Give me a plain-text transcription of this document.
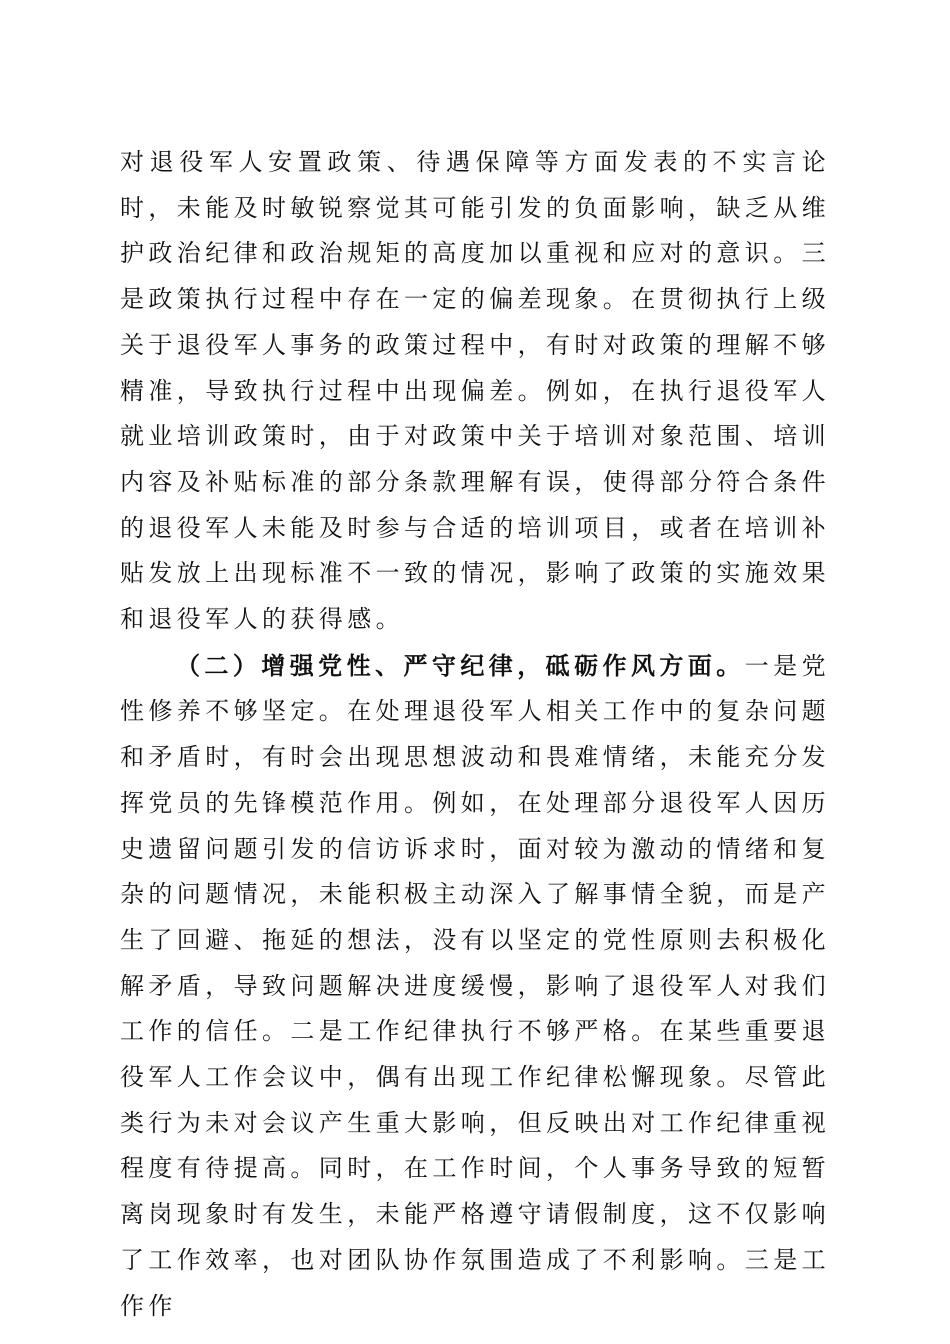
对退役军人安置政策、待遇保障等方面发表的不实言论时，未能及时敏锐察觉其可能引发的负面影响，缺乏从维护政治纪律和政治规矩的高度加以重视和应对的意识。三是政策执行过程中存在一定的偏差现象。在贯彻执行上级关于退役军人事务的政策过程中，有时对政策的理解不够精准，导致执行过程中出现偏差。例如，在执行退役军人就业培训政策时，由于对政策中关于培训对象范围、培训内容及补贴标准的部分条款理解有误，使得部分符合条件的退役军人未能及时参与合适的培训项目，或者在培训补贴发放上出现标准不一致的情况，影响了政策的实施效果和退役军人的获得感。

（二）增强党性、严守纪律，砥砺作风方面。一是党性修养不够坚定。在处理退役军人相关工作中的复杂问题和矛盾时，有时会出现思想波动和畏难情绪，未能充分发挥党员的先锋模范作用。例如，在处理部分退役军人因历史遗留问题引发的信访诉求时，面对较为激动的情绪和复杂的问题情况，未能积极主动深入了解事情全貌，而是产生了回避、拖延的想法，没有以坚定的党性原则去积极化解矛盾，导致问题解决进度缓慢，影响了退役军人对我们工作的信任。二是工作纪律执行不够严格。在某些重要退役军人工作会议中，偶有出现工作纪律松懈现象。尽管此类行为未对会议产生重大影响，但反映出对工作纪律重视程度有待提高。同时，在工作时间，个人事务导致的短暂离岗现象时有发生，未能严格遵守请假制度，这不仅影响了工作效率，也对团队协作氛围造成了不利影响。三是工作作
